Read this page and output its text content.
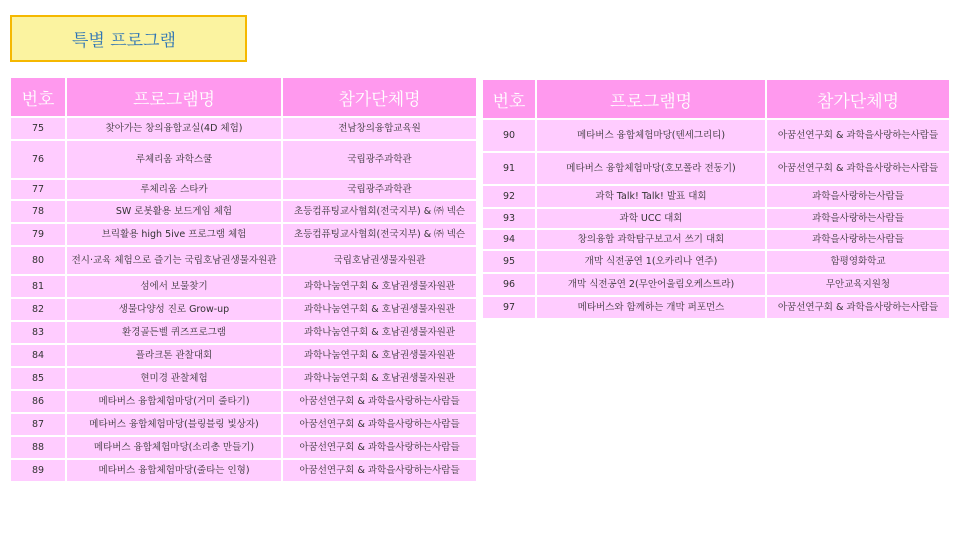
특별 프로그램
번호	프로그램명	참가단체명
75	찾아가는 창의융합교실(4D 체험)	전남창의융합교육원
76	루체리움 과학스쿨	국립광주과학관
77	루체리움 스타카	국립광주과학관
78	SW 로봇활용 보드게임 체험	초등컴퓨팅교사협회(전국지부) & ㈜ 넥슨
79	브릭활용 high 5ive 프로그램 체험	초등컴퓨팅교사협회(전국지부) & ㈜ 넥슨
80	전시·교육 체험으로 즐기는 국립호남권생물자원관	국립호남권생물자원관
81	섬에서 보물찾기	과학나눔연구회 & 호남권생물자원관
82	생물다양성 진로 Grow-up	과학나눔연구회 & 호남권생물자원관
83	환경골든벨 퀴즈프로그램	과학나눔연구회 & 호남권생물자원관
84	플라크톤 관찰대회	과학나눔연구회 & 호남권생물자원관
85	현미경 관찰체험	과학나눔연구회 & 호남권생물자원관
86	메타버스 융합체험마당(거미 줄타기)	아꿈선연구회 & 과학을사랑하는사람들
87	메타버스 융합체험마당(블링블링 빛상자)	아꿈선연구회 & 과학을사랑하는사람들
88	메타버스 융합체험마당(소리총 만들기)	아꿈선연구회 & 과학을사랑하는사람들
89	메타버스 융합체험마당(줄타는 인형)	아꿈선연구회 & 과학을사랑하는사람들
번호	프로그램명	참가단체명
90	메타버스 융합체험마당(텐세그리티)	아꿈선연구회 & 과학을사랑하는사람들
91	메타버스 융합체험마당(호모폴라 전동기)	아꿈선연구회 & 과학을사랑하는사람들
92	과학 Talk! Talk! 발표 대회	과학을사랑하는사람들
93	과학 UCC 대회	과학을사랑하는사람들
94	창의융합 과학탐구보고서 쓰기 대회	과학을사랑하는사람들
95	개막 식전공연 1(오카리나 연주)	함평영화학교
96	개막 식전공연 2(무안어울림오케스트라)	무안교육지원청
97	메타버스와 함께하는 개막 퍼포먼스	아꿈선연구회 & 과학을사랑하는사람들
